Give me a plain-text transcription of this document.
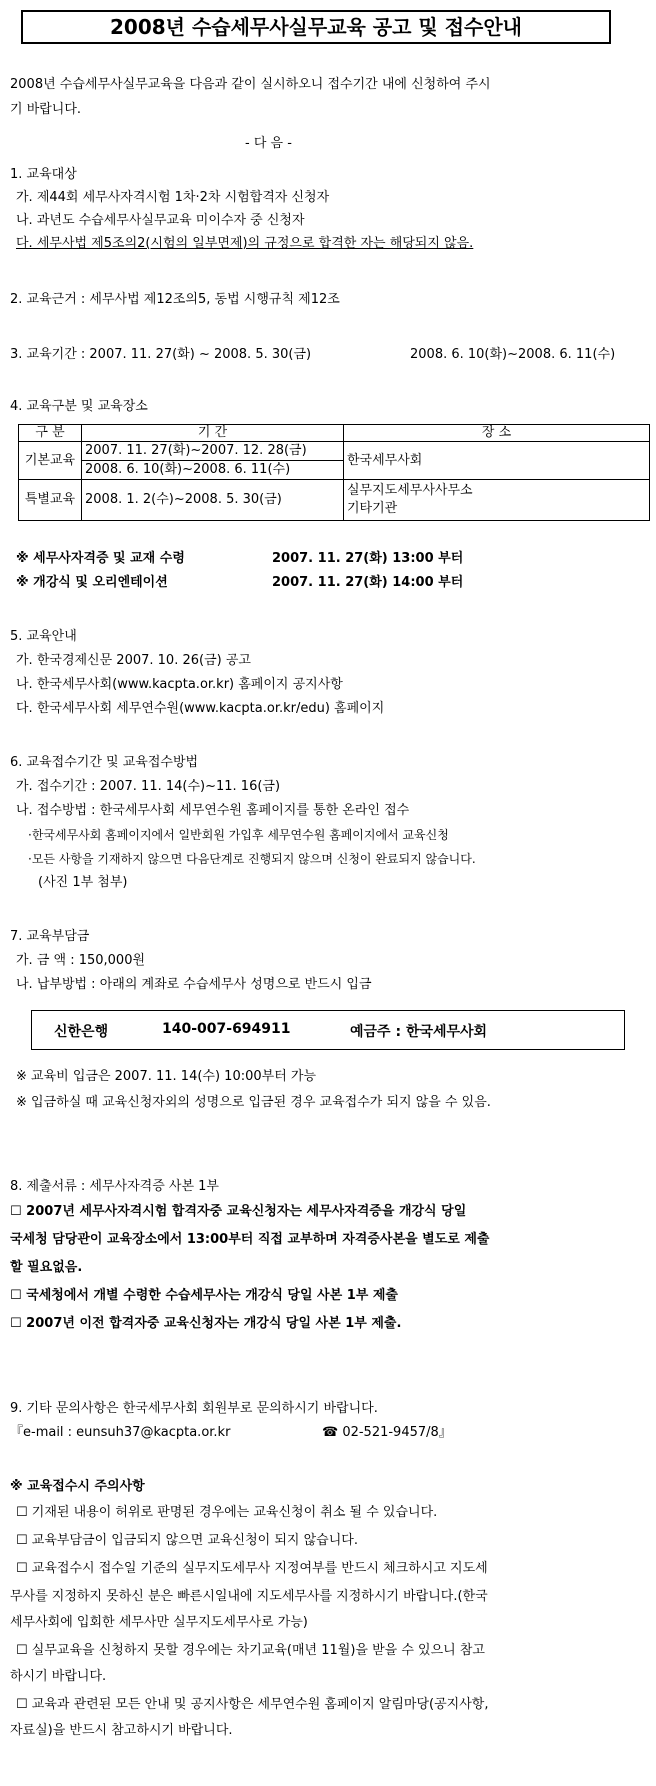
2008년 수습세무사실무교육 공고 및 접수안내
2008년 수습세무사실무교육을 다음과 같이 실시하오니 접수기간 내에 신청하여 주시
기 바랍니다.
- 다 음 -
1. 교육대상
가. 제44회 세무사자격시험 1차·2차 시험합격자 신청자
나. 과년도 수습세무사실무교육 미이수자 중 신청자
다. 세무사법 제5조의2(시험의 일부면제)의 규정으로 합격한 자는 해당되지 않음.
2. 교육근거 : 세무사법 제12조의5, 동법 시행규칙 제12조
3. 교육기간 : 2007. 11. 27(화) ~ 2008. 5. 30(금)	2008. 6. 10(화)~2008. 6. 11(수)
4. 교육구분 및 교육장소
구 분	기 간	장 소
기본교육	2007. 11. 27(화)~2007. 12. 28(금)	한국세무사회
	2008. 6. 10(화)~2008. 6. 11(수)	
특별교육	2008. 1. 2(수)~2008. 5. 30(금)	실무지도세무사사무소
기타기관
※ 세무사자격증 및 교재 수령	2007. 11. 27(화) 13:00 부터
※ 개강식 및 오리엔테이션	2007. 11. 27(화) 14:00 부터
5. 교육안내
가. 한국경제신문 2007. 10. 26(금) 공고
나. 한국세무사회(www.kacpta.or.kr) 홈페이지 공지사항
다. 한국세무사회 세무연수원(www.kacpta.or.kr/edu) 홈페이지
6. 교육접수기간 및 교육접수방법
가. 접수기간 : 2007. 11. 14(수)~11. 16(금)
나. 접수방법 : 한국세무사회 세무연수원 홈페이지를 통한 온라인 접수
·한국세무사회 홈페이지에서 일반회원 가입후 세무연수원 홈페이지에서 교육신청
·모든 사항을 기재하지 않으면 다음단계로 진행되지 않으며 신청이 완료되지 않습니다.
(사진 1부 첨부)
7. 교육부담금
가. 금 액 : 150,000원
나. 납부방법 : 아래의 계좌로 수습세무사 성명으로 반드시 입금
신한은행	140-007-694911	예금주 : 한국세무사회
※ 교육비 입금은 2007. 11. 14(수) 10:00부터 가능
※ 입금하실 때 교육신청자외의 성명으로 입금된 경우 교육접수가 되지 않을 수 있음.
8. 제출서류 : 세무사자격증 사본 1부
☐ 2007년 세무사자격시험 합격자중 교육신청자는 세무사자격증을 개강식 당일
국세청 담당관이 교육장소에서 13:00부터 직접 교부하며 자격증사본을 별도로 제출
할 필요없음.
☐ 국세청에서 개별 수령한 수습세무사는 개강식 당일 사본 1부 제출
☐ 2007년 이전 합격자중 교육신청자는 개강식 당일 사본 1부 제출.
9. 기타 문의사항은 한국세무사회 회원부로 문의하시기 바랍니다.
『e-mail : eunsuh37@kacpta.or.kr	☎ 02-521-9457/8』
※ 교육접수시 주의사항
☐ 기재된 내용이 허위로 판명된 경우에는 교육신청이 취소 될 수 있습니다.
☐ 교육부담금이 입금되지 않으면 교육신청이 되지 않습니다.
☐ 교육접수시 접수일 기준의 실무지도세무사 지정여부를 반드시 체크하시고 지도세
무사를 지정하지 못하신 분은 빠른시일내에 지도세무사를 지정하시기 바랍니다.(한국
세무사회에 입회한 세무사만 실무지도세무사로 가능)
☐ 실무교육을 신청하지 못할 경우에는 차기교육(매년 11월)을 받을 수 있으니 참고
하시기 바랍니다.
☐ 교육과 관련된 모든 안내 및 공지사항은 세무연수원 홈페이지 알림마당(공지사항,
자료실)을 반드시 참고하시기 바랍니다.
